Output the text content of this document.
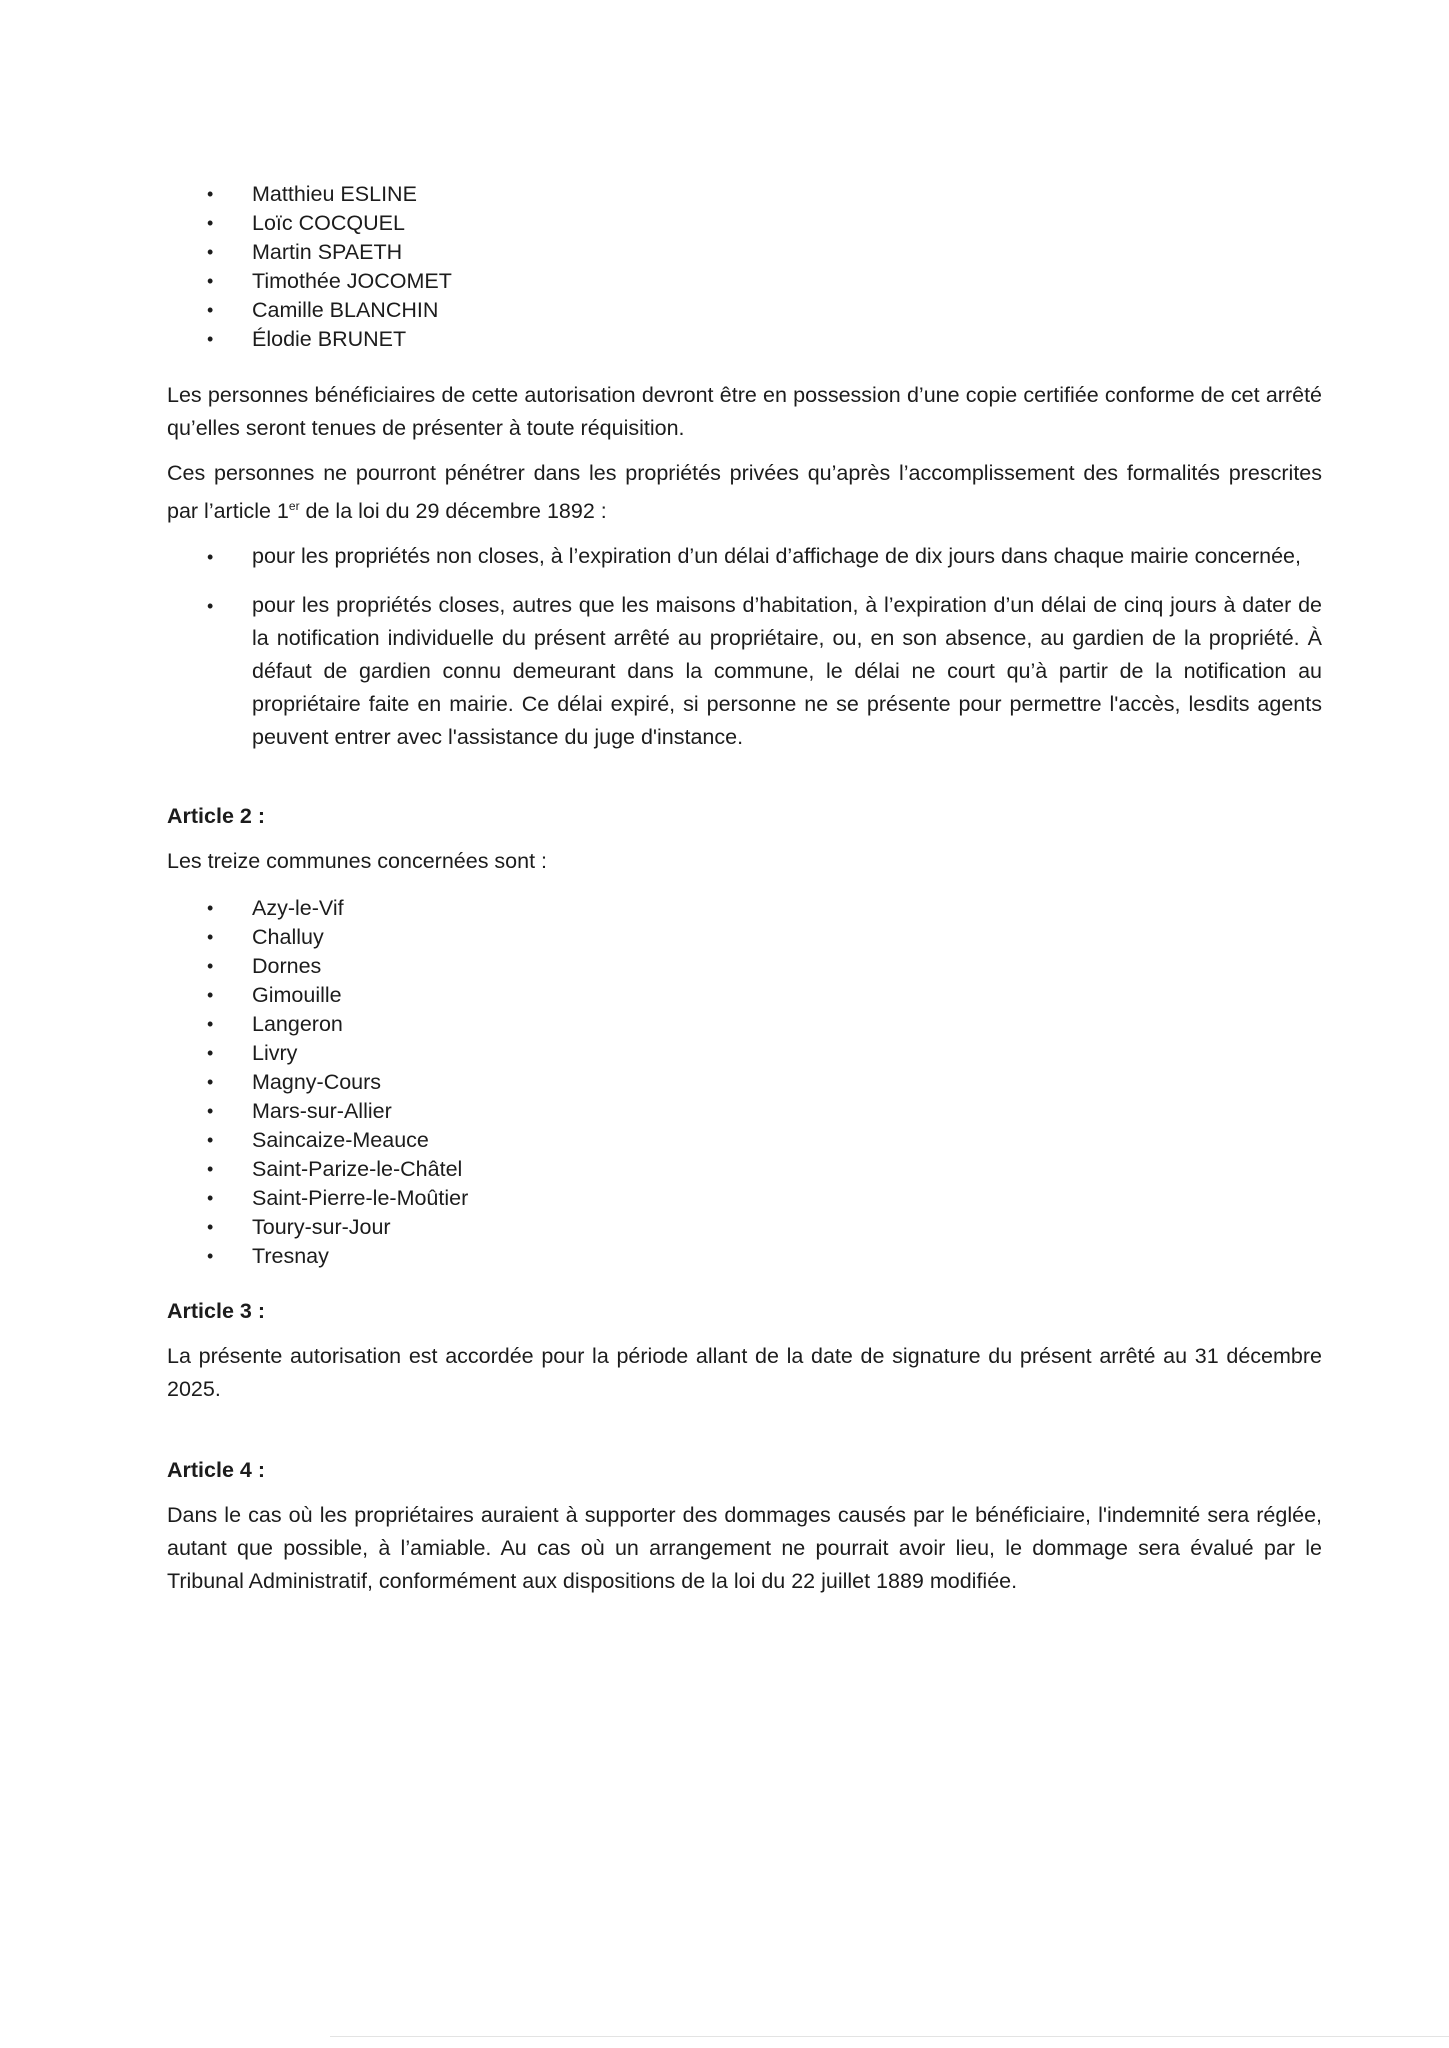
• Matthieu ESLINE
• Loïc COCQUEL
• Martin SPAETH
• Timothée JOCOMET
• Camille BLANCHIN
• Élodie BRUNET

Les personnes bénéficiaires de cette autorisation devront être en possession d’une copie certifiée conforme de cet arrêté qu’elles seront tenues de présenter à toute réquisition.

Ces personnes ne pourront pénétrer dans les propriétés privées qu’après l’accomplissement des formalités prescrites par l’article 1er de la loi du 29 décembre 1892 :

• pour les propriétés non closes, à l’expiration d’un délai d’affichage de dix jours dans chaque mairie concernée,
• pour les propriétés closes, autres que les maisons d’habitation, à l’expiration d’un délai de cinq jours à dater de la notification individuelle du présent arrêté au propriétaire, ou, en son absence, au gardien de la propriété. À défaut de gardien connu demeurant dans la commune, le délai ne court qu’à partir de la notification au propriétaire faite en mairie. Ce délai expiré, si personne ne se présente pour permettre l'accès, lesdits agents peuvent entrer avec l'assistance du juge d'instance.

Article 2 :

Les treize communes concernées sont :

• Azy-le-Vif
• Challuy
• Dornes
• Gimouille
• Langeron
• Livry
• Magny-Cours
• Mars-sur-Allier
• Saincaize-Meauce
• Saint-Parize-le-Châtel
• Saint-Pierre-le-Moûtier
• Toury-sur-Jour
• Tresnay

Article 3 :

La présente autorisation est accordée pour la période allant de la date de signature du présent arrêté au 31 décembre 2025.

Article 4 :

Dans le cas où les propriétaires auraient à supporter des dommages causés par le bénéficiaire, l'indemnité sera réglée, autant que possible, à l’amiable. Au cas où un arrangement ne pourrait avoir lieu, le dommage sera évalué par le Tribunal Administratif, conformément aux dispositions de la loi du 22 juillet 1889 modifiée.
